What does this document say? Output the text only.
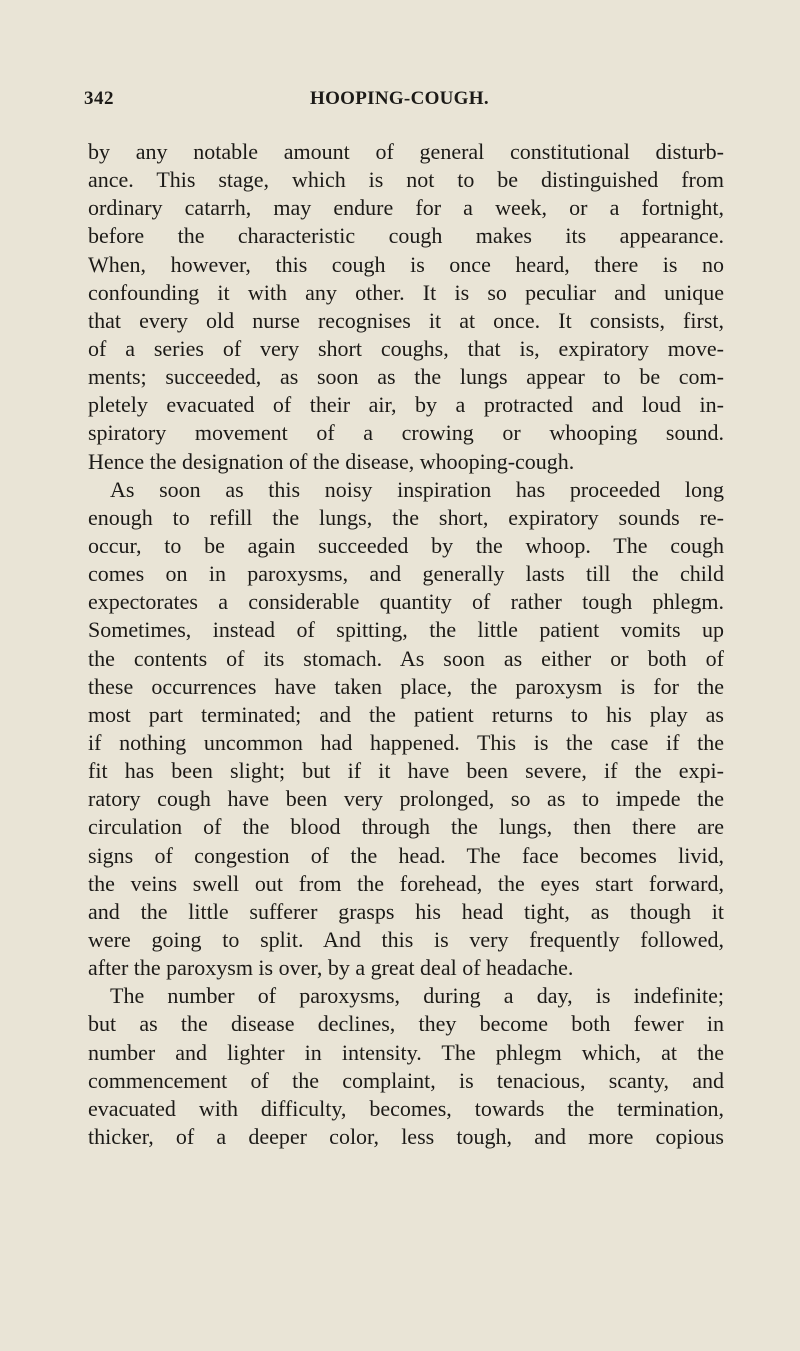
342	HOOPING-COUGH.
by any notable amount of general constitutional disturb-
ance. This stage, which is not to be distinguished from
ordinary catarrh, may endure for a week, or a fortnight,
before the characteristic cough makes its appearance.
When, however, this cough is once heard, there is no
confounding it with any other. It is so peculiar and unique
that every old nurse recognises it at once. It consists, first,
of a series of very short coughs, that is, expiratory move-
ments; succeeded, as soon as the lungs appear to be com-
pletely evacuated of their air, by a protracted and loud in-
spiratory movement of a crowing or whooping sound.
Hence the designation of the disease, whooping-cough.
As soon as this noisy inspiration has proceeded long
enough to refill the lungs, the short, expiratory sounds re-
occur, to be again succeeded by the whoop. The cough
comes on in paroxysms, and generally lasts till the child
expectorates a considerable quantity of rather tough phlegm.
Sometimes, instead of spitting, the little patient vomits up
the contents of its stomach. As soon as either or both of
these occurrences have taken place, the paroxysm is for the
most part terminated; and the patient returns to his play as
if nothing uncommon had happened. This is the case if the
fit has been slight; but if it have been severe, if the expi-
ratory cough have been very prolonged, so as to impede the
circulation of the blood through the lungs, then there are
signs of congestion of the head. The face becomes livid,
the veins swell out from the forehead, the eyes start forward,
and the little sufferer grasps his head tight, as though it
were going to split. And this is very frequently followed,
after the paroxysm is over, by a great deal of headache.
The number of paroxysms, during a day, is indefinite;
but as the disease declines, they become both fewer in
number and lighter in intensity. The phlegm which, at the
commencement of the complaint, is tenacious, scanty, and
evacuated with difficulty, becomes, towards the termination,
thicker, of a deeper color, less tough, and more copious
